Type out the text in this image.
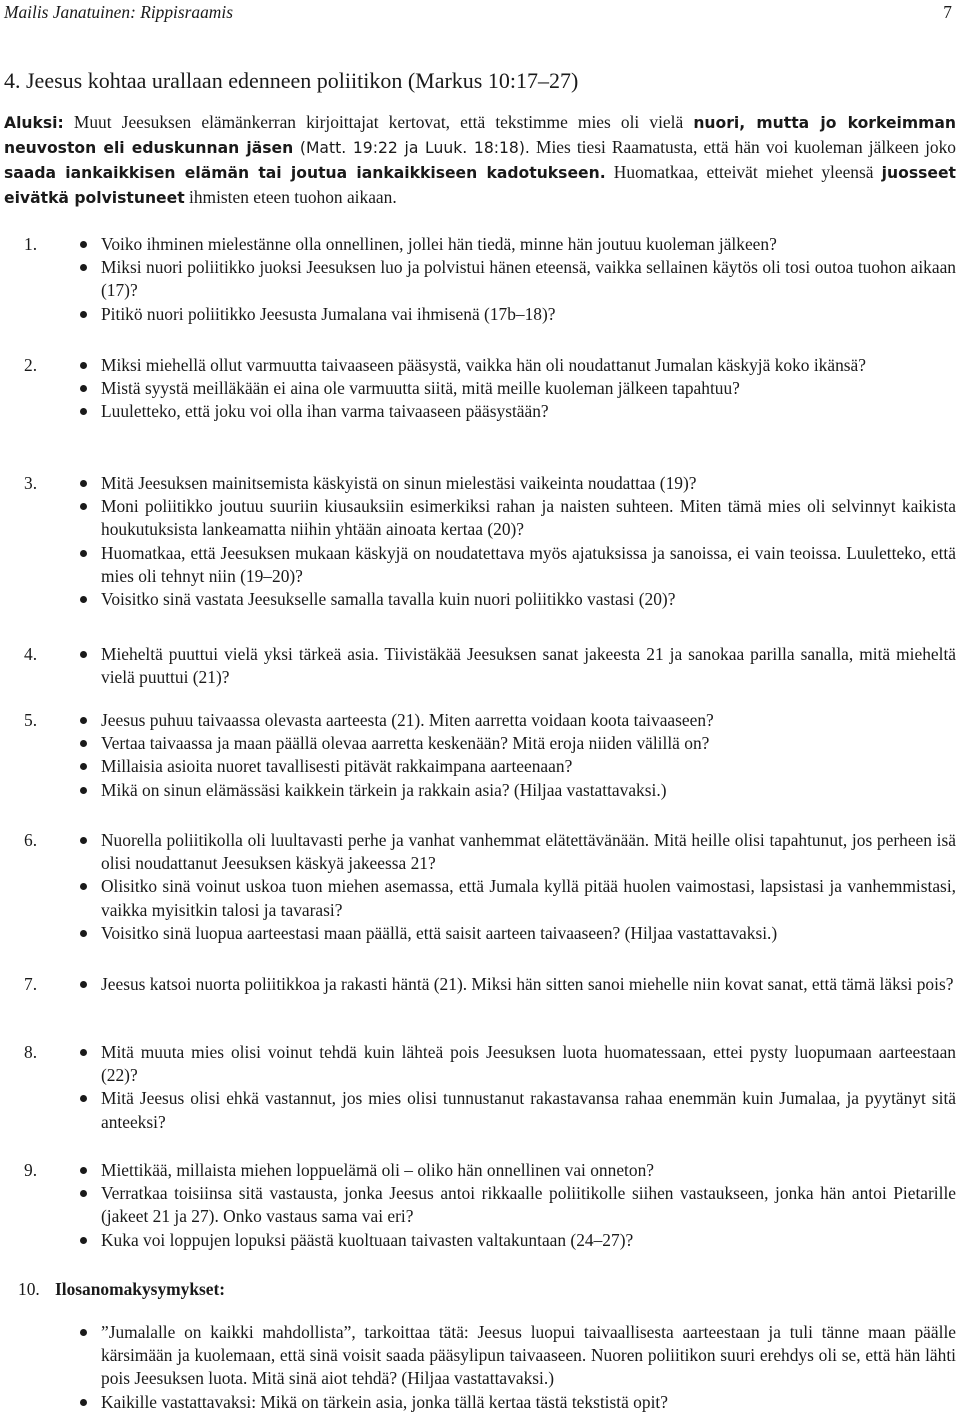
Mailis Janatuinen: Rippisraamis	7
4. Jeesus kohtaa urallaan edenneen poliitikon (Markus 10:17–27)
Aluksi: Muut Jeesuksen elämänkerran kirjoittajat kertovat, että tekstimme mies oli vielä nuori, mutta jo korkeimman neuvoston eli eduskunnan jäsen (Matt. 19:22 ja Luuk. 18:18). Mies tiesi Raamatusta, että hän voi kuoleman jälkeen joko saada iankaikkisen elämän tai joutua iankaikkiseen kadotukseen. Huomatkaa, etteivät miehet yleensä juosseet eivätkä polvistuneet ihmisten eteen tuohon aikaan.
1.	Voiko ihminen mielestänne olla onnellinen, jollei hän tiedä, minne hän joutuu kuoleman jälkeen?
Miksi nuori poliitikko juoksi Jeesuksen luo ja polvistui hänen eteensä, vaikka sellainen käytös oli tosi outoa tuohon aikaan (17)?
Pitikö nuori poliitikko Jeesusta Jumalana vai ihmisenä (17b–18)?
2.	Miksi miehellä ollut varmuutta taivaaseen pääsystä, vaikka hän oli noudattanut Jumalan käskyjä koko ikänsä?
Mistä syystä meilläkään ei aina ole varmuutta siitä, mitä meille kuoleman jälkeen tapahtuu?
Luuletteko, että joku voi olla ihan varma taivaaseen pääsystään?
3.	Mitä Jeesuksen mainitsemista käskyistä on sinun mielestäsi vaikeinta noudattaa (19)?
Moni poliitikko joutuu suuriin kiusauksiin esimerkiksi rahan ja naisten suhteen. Miten tämä mies oli selvinnyt kaikista houkutuksista lankeamatta niihin yhtään ainoata kertaa (20)?
Huomatkaa, että Jeesuksen mukaan käskyjä on noudatettava myös ajatuksissa ja sanoissa, ei vain teoissa. Luuletteko, että mies oli tehnyt niin (19–20)?
Voisitko sinä vastata Jeesukselle samalla tavalla kuin nuori poliitikko vastasi (20)?
4.	Mieheltä puuttui vielä yksi tärkeä asia. Tiivistäkää Jeesuksen sanat jakeesta 21 ja sanokaa parilla sanalla, mitä mieheltä vielä puuttui (21)?
5.	Jeesus puhuu taivaassa olevasta aarteesta (21). Miten aarretta voidaan koota taivaaseen?
Vertaa taivaassa ja maan päällä olevaa aarretta keskenään? Mitä eroja niiden välillä on?
Millaisia asioita nuoret tavallisesti pitävät rakkaimpana aarteenaan?
Mikä on sinun elämässäsi kaikkein tärkein ja rakkain asia? (Hiljaa vastattavaksi.)
6.	Nuorella poliitikolla oli luultavasti perhe ja vanhat vanhemmat elätettävänään. Mitä heille olisi tapahtunut, jos perheen isä olisi noudattanut Jeesuksen käskyä jakeessa 21?
Olisitko sinä voinut uskoa tuon miehen asemassa, että Jumala kyllä pitää huolen vaimostasi, lapsistasi ja vanhemmistasi, vaikka myisitkin talosi ja tavarasi?
Voisitko sinä luopua aarteestasi maan päällä, että saisit aarteen taivaaseen? (Hiljaa vastattavaksi.)
7.	Jeesus katsoi nuorta poliitikkoa ja rakasti häntä (21). Miksi hän sitten sanoi miehelle niin kovat sanat, että tämä läksi pois?
8.	Mitä muuta mies olisi voinut tehdä kuin lähteä pois Jeesuksen luota huomatessaan, ettei pysty luopumaan aarteestaan (22)?
Mitä Jeesus olisi ehkä vastannut, jos mies olisi tunnustanut rakastavansa rahaa enemmän kuin Jumalaa, ja pyytänyt sitä anteeksi?
9.	Miettikää, millaista miehen loppuelämä oli – oliko hän onnellinen vai onneton?
Verratkaa toisiinsa sitä vastausta, jonka Jeesus antoi rikkaalle poliitikolle siihen vastaukseen, jonka hän antoi Pietarille (jakeet 21 ja 27). Onko vastaus sama vai eri?
Kuka voi loppujen lopuksi päästä kuoltuaan taivasten valtakuntaan (24–27)?
10. Ilosanomakysymykset:
”Jumalalle on kaikki mahdollista”, tarkoittaa tätä: Jeesus luopui taivaallisesta aarteestaan ja tuli tänne maan päälle kärsimään ja kuolemaan, että sinä voisit saada pääsylipun taivaaseen. Nuoren poliitikon suuri erehdys oli se, että hän lähti pois Jeesuksen luota. Mitä sinä aiot tehdä? (Hiljaa vastattavaksi.)
Kaikille vastattavaksi: Mikä on tärkein asia, jonka tällä kertaa tästä tekstistä opit?
